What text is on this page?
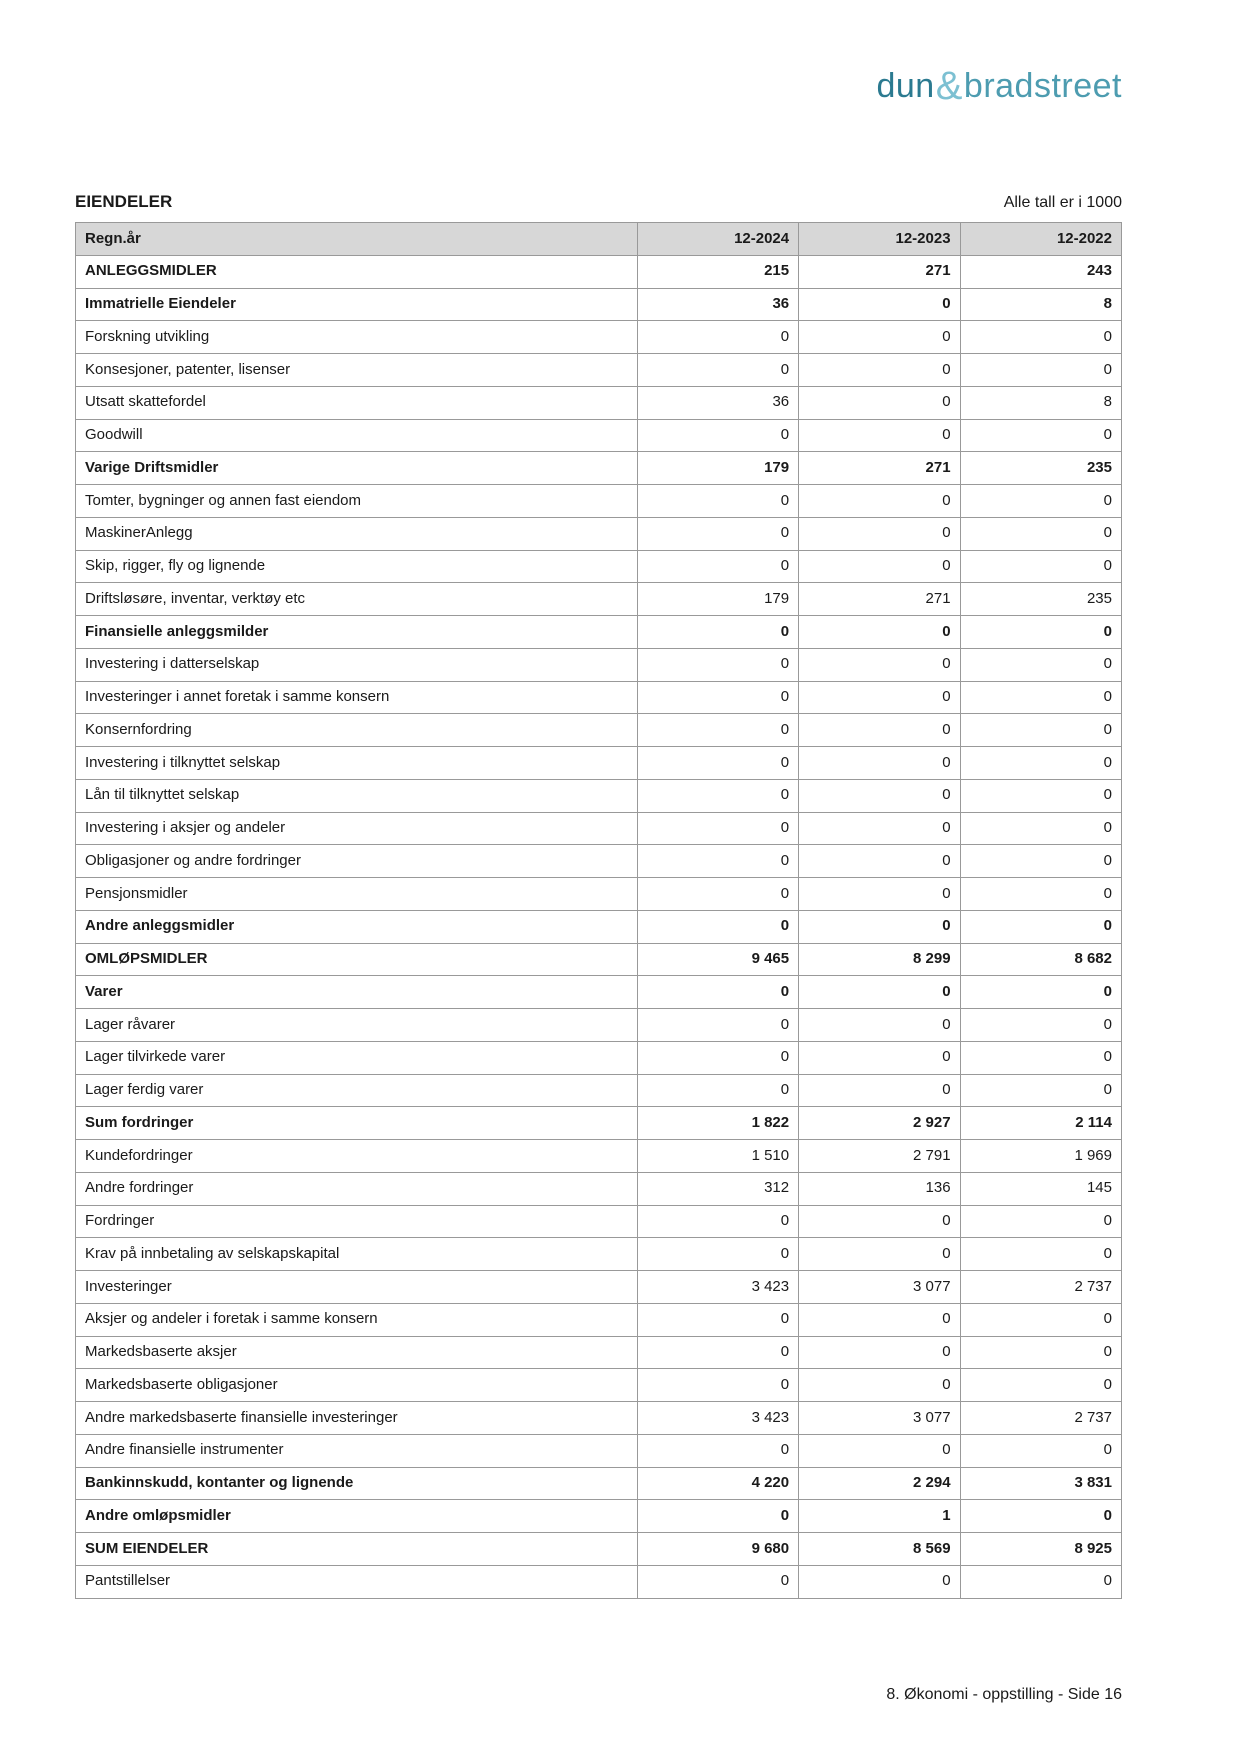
dun&bradstreet
EIENDELER	Alle tall er i 1000
Regn.år	12-2024	12-2023	12-2022
ANLEGGSMIDLER	215	271	243
Immatrielle Eiendeler	36	0	8
Forskning utvikling	0	0	0
Konsesjoner, patenter, lisenser	0	0	0
Utsatt skattefordel	36	0	8
Goodwill	0	0	0
Varige Driftsmidler	179	271	235
Tomter, bygninger og annen fast eiendom	0	0	0
MaskinerAnlegg	0	0	0
Skip, rigger, fly og lignende	0	0	0
Driftsløsøre, inventar, verktøy etc	179	271	235
Finansielle anleggsmilder	0	0	0
Investering i datterselskap	0	0	0
Investeringer i annet foretak i samme konsern	0	0	0
Konsernfordring	0	0	0
Investering i tilknyttet selskap	0	0	0
Lån til tilknyttet selskap	0	0	0
Investering i aksjer og andeler	0	0	0
Obligasjoner og andre fordringer	0	0	0
Pensjonsmidler	0	0	0
Andre anleggsmidler	0	0	0
OMLØPSMIDLER	9 465	8 299	8 682
Varer	0	0	0
Lager råvarer	0	0	0
Lager tilvirkede varer	0	0	0
Lager ferdig varer	0	0	0
Sum fordringer	1 822	2 927	2 114
Kundefordringer	1 510	2 791	1 969
Andre fordringer	312	136	145
Fordringer	0	0	0
Krav på innbetaling av selskapskapital	0	0	0
Investeringer	3 423	3 077	2 737
Aksjer og andeler i foretak i samme konsern	0	0	0
Markedsbaserte aksjer	0	0	0
Markedsbaserte obligasjoner	0	0	0
Andre markedsbaserte finansielle investeringer	3 423	3 077	2 737
Andre finansielle instrumenter	0	0	0
Bankinnskudd, kontanter og lignende	4 220	2 294	3 831
Andre omløpsmidler	0	1	0
SUM EIENDELER	9 680	8 569	8 925
Pantstillelser	0	0	0
8. Økonomi - oppstilling - Side 16
